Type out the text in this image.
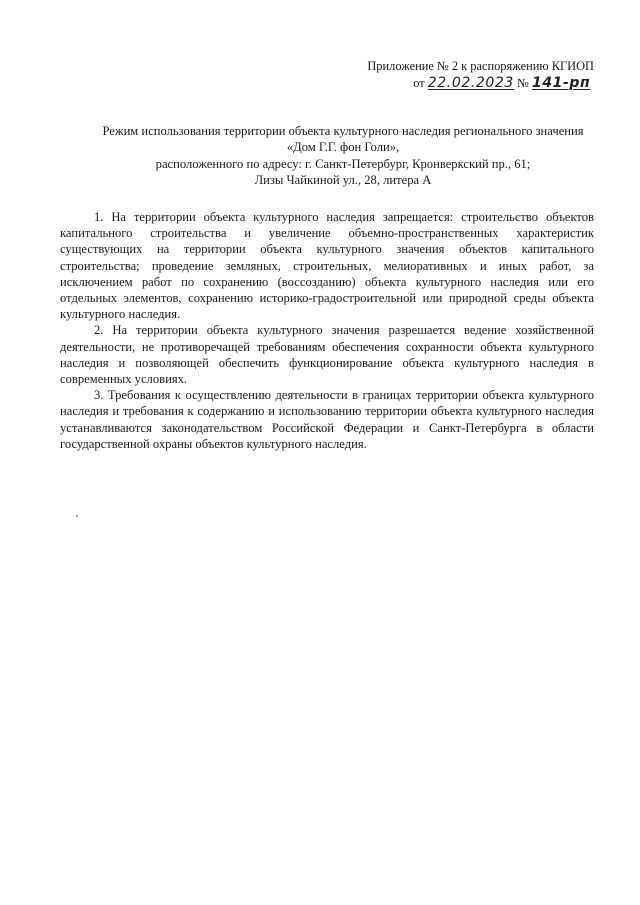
Приложение № 2 к распоряжению КГИОП
от 22.02.2023 № 141-рп
Режим использования территории объекта культурного наследия регионального значения
«Дом Г.Г. фон Голи»,
расположенного по адресу: г. Санкт-Петербург, Кронверкский пр., 61;
Лизы Чайкиной ул., 28, литера А

1. На территории объекта культурного наследия запрещается: строительство объектов капитального строительства и увеличение объемно-пространственных характеристик существующих на территории объекта культурного значения объектов капитального строительства; проведение земляных, строительных, мелиоративных и иных работ, за исключением работ по сохранению (воссозданию) объекта культурного наследия или его отдельных элементов, сохранению историко-градостроительной или природной среды объекта культурного наследия.

2. На территории объекта культурного значения разрешается ведение хозяйственной деятельности, не противоречащей требованиям обеспечения сохранности объекта культурного наследия и позволяющей обеспечить функционирование объекта культурного наследия в современных условиях.

3. Требования к осуществлению деятельности в границах территории объекта культурного наследия и требования к содержанию и использованию территории объекта культурного наследия устанавливаются законодательством Российской Федерации и Санкт-Петербурга в области государственной охраны объектов культурного наследия.
